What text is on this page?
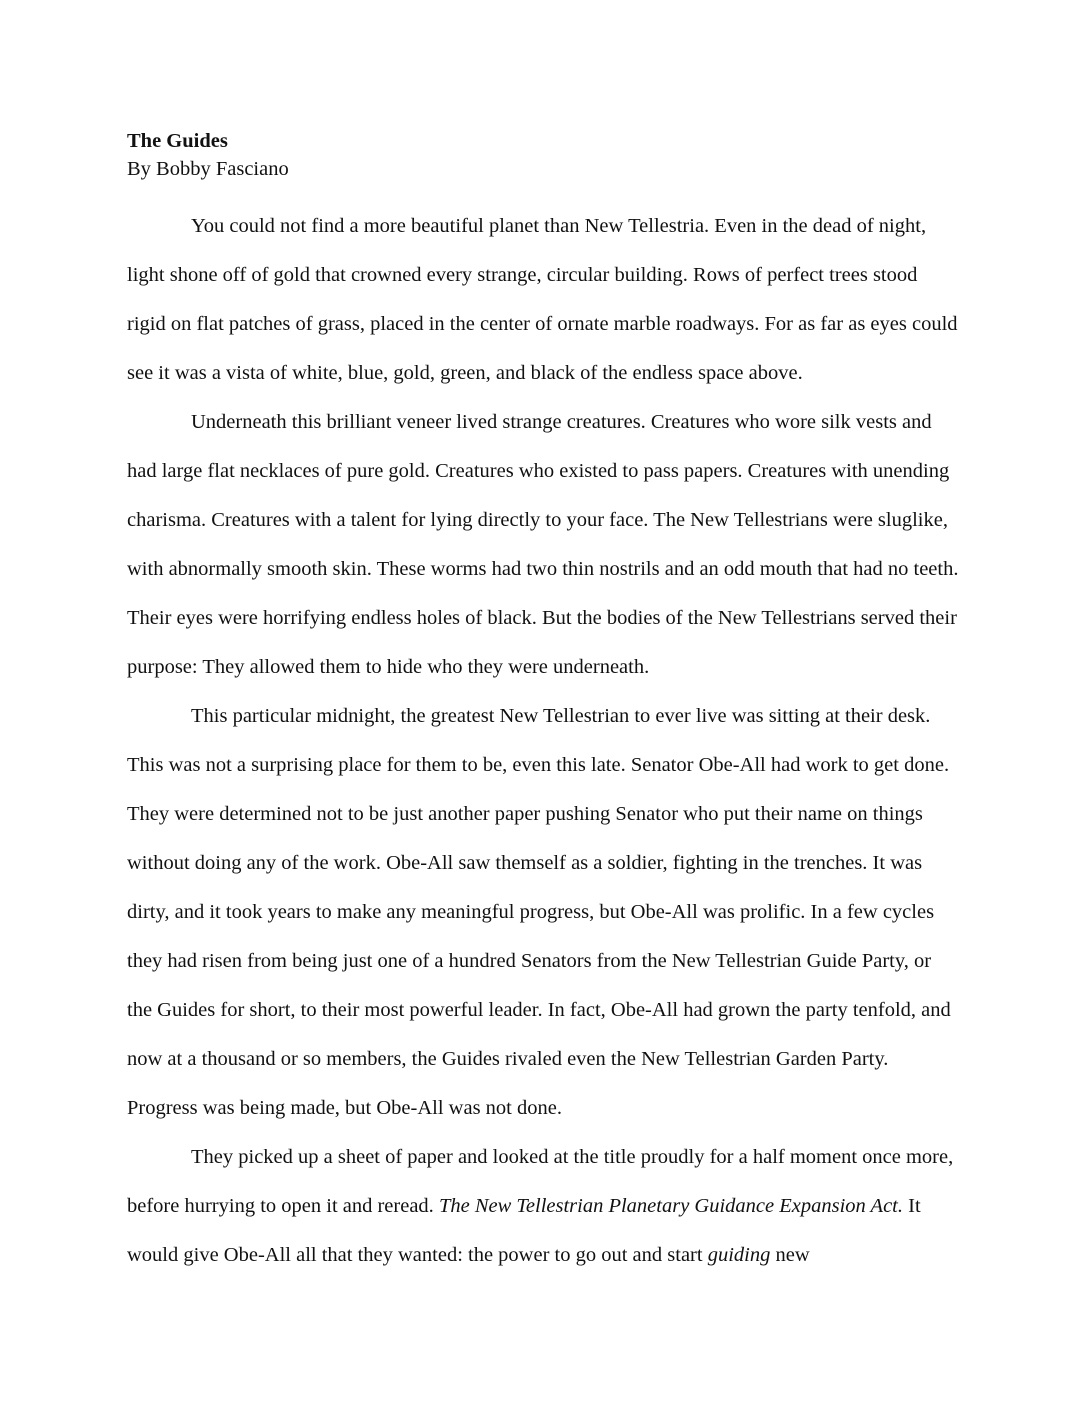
The Guides

By Bobby Fasciano

You could not find a more beautiful planet than New Tellestria. Even in the dead of night, light shone off of gold that crowned every strange, circular building. Rows of perfect trees stood rigid on flat patches of grass, placed in the center of ornate marble roadways. For as far as eyes could see it was a vista of white, blue, gold, green, and black of the endless space above.

Underneath this brilliant veneer lived strange creatures. Creatures who wore silk vests and had large flat necklaces of pure gold. Creatures who existed to pass papers. Creatures with unending charisma. Creatures with a talent for lying directly to your face. The New Tellestrians were sluglike, with abnormally smooth skin. These worms had two thin nostrils and an odd mouth that had no teeth. Their eyes were horrifying endless holes of black. But the bodies of the New Tellestrians served their purpose: They allowed them to hide who they were underneath.

This particular midnight, the greatest New Tellestrian to ever live was sitting at their desk. This was not a surprising place for them to be, even this late. Senator Obe-All had work to get done. They were determined not to be just another paper pushing Senator who put their name on things without doing any of the work. Obe-All saw themself as a soldier, fighting in the trenches. It was dirty, and it took years to make any meaningful progress, but Obe-All was prolific. In a few cycles they had risen from being just one of a hundred Senators from the New Tellestrian Guide Party, or the Guides for short, to their most powerful leader. In fact, Obe-All had grown the party tenfold, and now at a thousand or so members, the Guides rivaled even the New Tellestrian Garden Party. Progress was being made, but Obe-All was not done.

They picked up a sheet of paper and looked at the title proudly for a half moment once more, before hurrying to open it and reread. The New Tellestrian Planetary Guidance Expansion Act. It would give Obe-All all that they wanted: the power to go out and start guiding new
